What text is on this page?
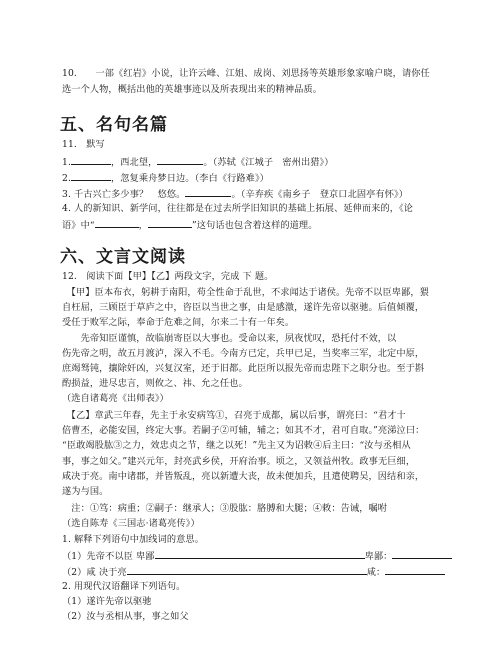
10.　　一部《红岩》小说，让许云峰、江姐、成岗、刘思扬等英雄形象家喻户晓，请你任
选一个人物，概括出他的英雄事迹以及所表现出来的精神品质。
五、名句名篇
11.　默写
1.	，西北望，	。（苏轼《江城子　密州出猎》）
2.	，忽复乘舟梦日边。（李白《行路难》）
3. 千古兴亡多少事？　悠悠。	。（辛弃疾《南乡子　登京口北固亭有怀》）
4. 人的新知识、新学问，往往都是在过去所学旧知识的基础上拓展、延伸而来的，《论
语》中“	，	”这句话也包含着这样的道理。
六、文言文阅读
12.　阅读下面【甲】【乙】两段文字，完成 下 题。
　【甲】臣本布衣，躬耕于南阳，苟全性命于乱世，不求闻达于诸侯。先帝不以臣卑鄙，猥
自枉屈，三顾臣于草庐之中，咨臣以当世之事，由是感激，遂许先帝以驱驰。后值倾覆，
受任于败军之际，奉命于危难之间，尔来二十有一年矣。
　　先帝知臣谨慎，故临崩寄臣以大事也。受命以来，夙夜忧叹，恐托付不效，以
伤先帝之明，故五月渡泸，深入不毛。今南方已定，兵甲已足，当奖率三军，北定中原，
庶竭驽钝，攘除奸凶，兴复汉室，还于旧都。此臣所以报先帝而忠陛下之职分也。至于斟
酌损益，进尽忠言，则攸之、祎、允之任也。
（选自诸葛亮《出师表》）
　【乙】章武三年春，先主于永安病笃①，召亮于成都，属以后事，谓亮曰：“君才十
倍曹丕，必能安国，终定大事。若嗣子②可辅，辅之；如其不才，君可自取。”亮涕泣曰：
“臣敢竭股肱③之力，效忠贞之节，继之以死！”先主又为诏敕④后主曰：“汝与丞相从
事，事之如父。”建兴元年，封亮武乡侯，开府治事。顷之，又领益州牧。政事无巨细，
咸决于亮。南中诸郡，并皆叛乱，亮以新遭大丧，故未便加兵，且遣使聘吴，因结和亲，
遂为与国。
　注：①笃：病重；②嗣子：继承人；③股肱：胳膊和大腿；④敕：告诫，嘱咐
（选自陈寿《三国志·诸葛亮传》）
1. 解释下列语句中加线词的意思。
（1）先帝不以臣 卑鄙	卑鄙：
（2）咸 决于亮	咸：
2. 用现代汉语翻译下列语句。
（1）遂许先帝以驱驰
（2）汝与丞相从事，事之如父
